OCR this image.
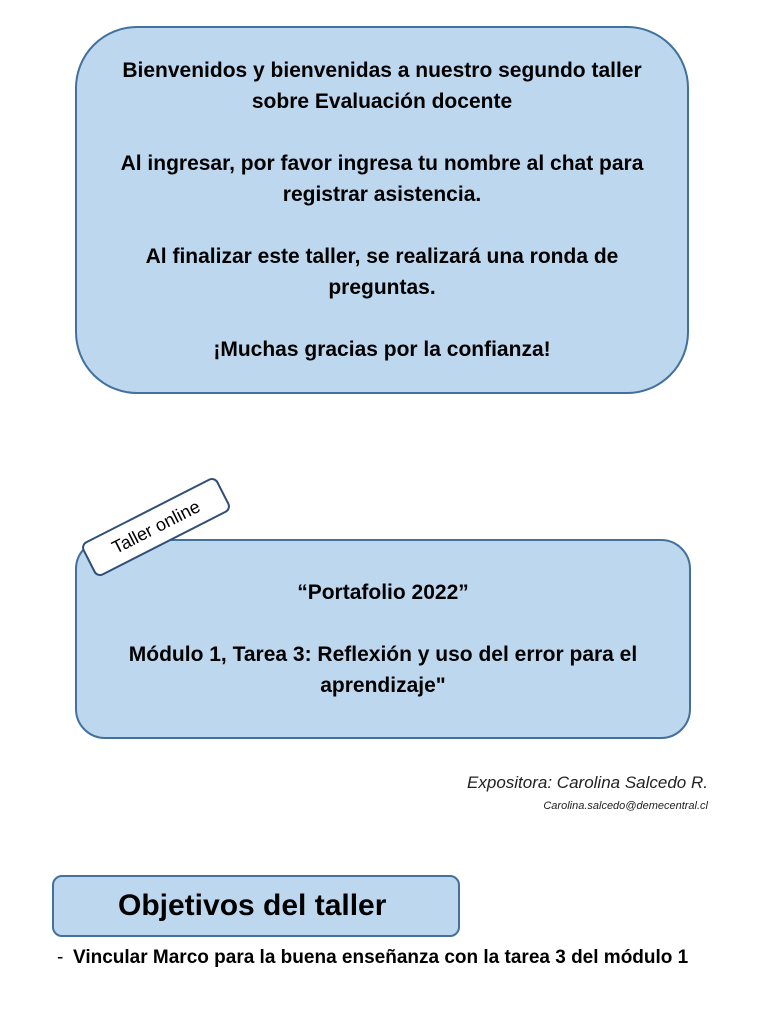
Bienvenidos y bienvenidas a nuestro segundo taller sobre Evaluación docente

Al ingresar, por favor ingresa tu nombre al chat para registrar asistencia.

Al finalizar este taller, se realizará una ronda de preguntas.

¡Muchas gracias por la confianza!

Taller online

“Portafolio 2022”

Módulo 1, Tarea 3: Reflexión y uso del error para el aprendizaje"

Expositora: Carolina Salcedo R.
Carolina.salcedo@demecentral.cl
Objetivos del taller
- Vincular Marco para la buena enseñanza con la tarea 3 del módulo 1
